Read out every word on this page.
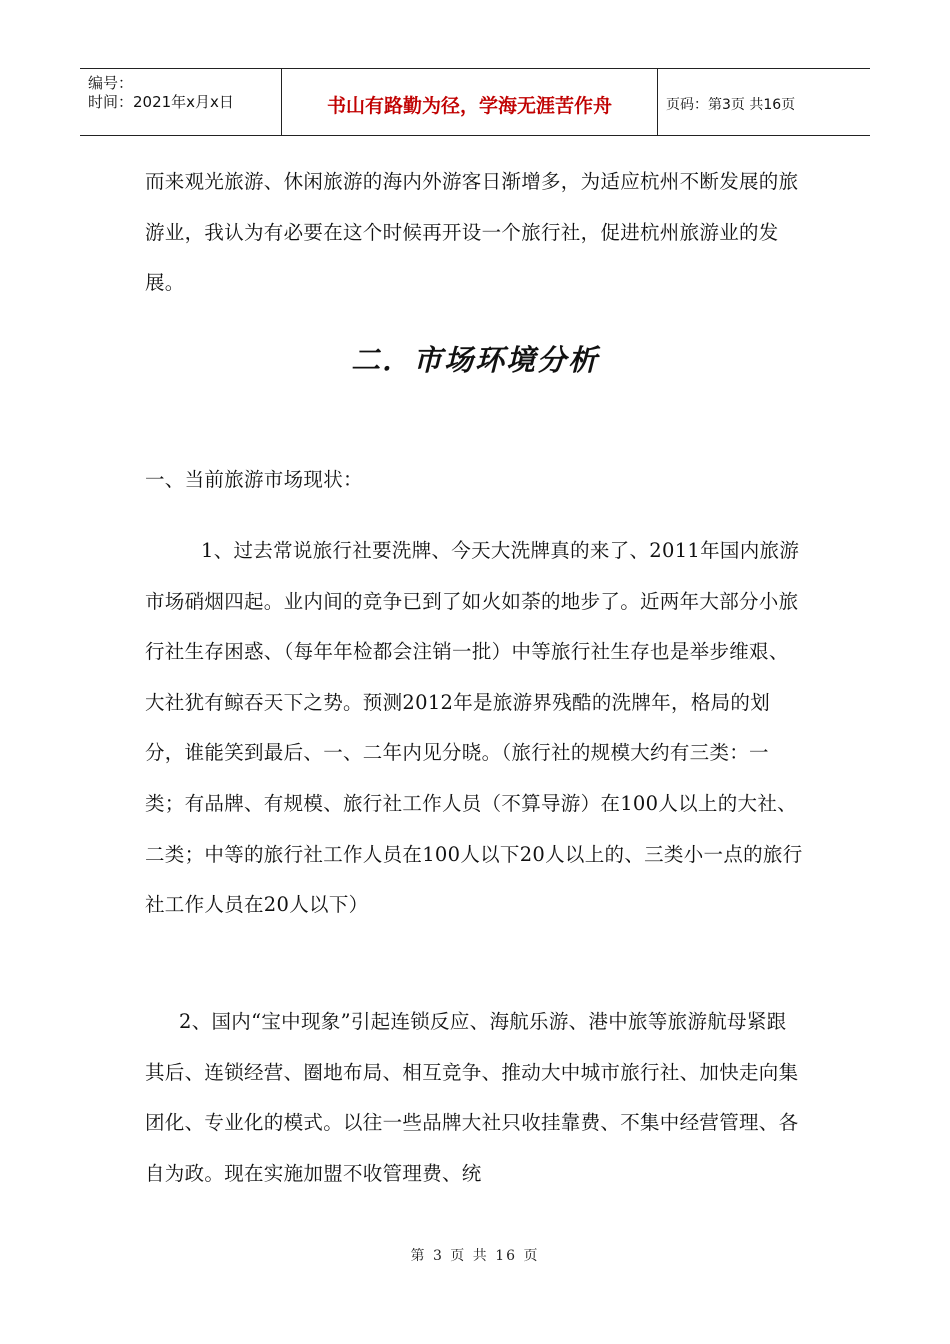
编号：
时间：2021年x月x日	书山有路勤为径，学海无涯苦作舟	页码：第3页 共16页

而来观光旅游、休闲旅游的海内外游客日渐增多，为适应杭州不断发展的旅游业，我认为有必要在这个时候再开设一个旅行社，促进杭州旅游业的发展。

二．市场环境分析

一、当前旅游市场现状：

1、过去常说旅行社要洗牌、今天大洗牌真的来了、2011年国内旅游市场硝烟四起。业内间的竞争已到了如火如荼的地步了。近两年大部分小旅行社生存困惑、（每年年检都会注销一批）中等旅行社生存也是举步维艰、大社犹有鲸吞天下之势。预测2012年是旅游界残酷的洗牌年，格局的划分，谁能笑到最后、一、二年内见分晓。（旅行社的规模大约有三类：一类；有品牌、有规模、旅行社工作人员（不算导游）在100人以上的大社、二类；中等的旅行社工作人员在100人以下20人以上的、三类小一点的旅行社工作人员在20人以下）

2、国内“宝中现象”引起连锁反应、海航乐游、港中旅等旅游航母紧跟其后、连锁经营、圈地布局、相互竞争、推动大中城市旅行社、加快走向集团化、专业化的模式。以往一些品牌大社只收挂靠费、不集中经营管理、各自为政。现在实施加盟不收管理费、统

第 3 页 共 16 页
